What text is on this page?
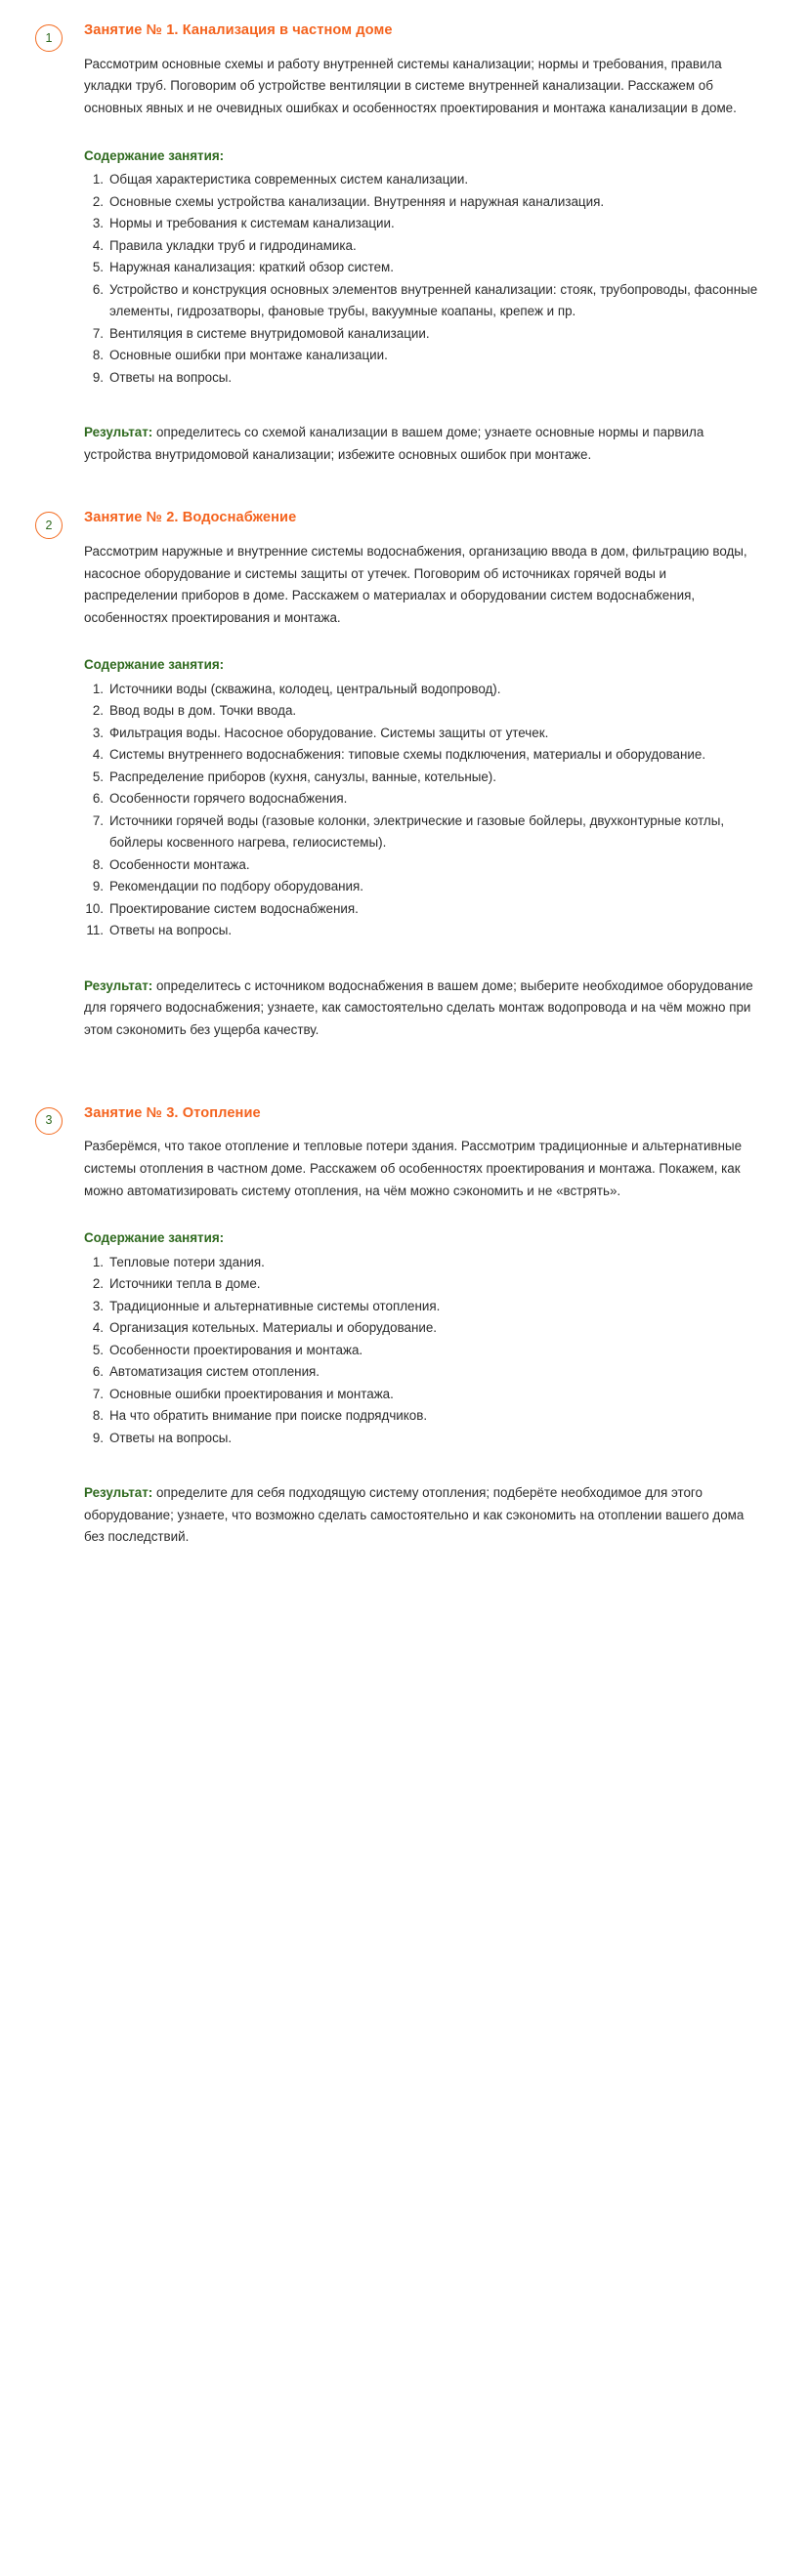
1	Занятие № 1. Канализация в частном доме

Рассмотрим основные схемы и работу внутренней системы канализации; нормы и требования, правила укладки труб. Поговорим об устройстве вентиляции в системе внутренней канализации. Расскажем об основных явных и не очевидных ошибках и особенностях проектирования и монтажа канализации в доме.

Содержание занятия:
1. Общая характеристика современных систем канализации.
2. Основные схемы устройства канализации. Внутренняя и наружная канализация.
3. Нормы и требования к системам канализации.
4. Правила укладки труб и гидродинамика.
5. Наружная канализация: краткий обзор систем.
6. Устройство и конструкция основных элементов внутренней канализации: стояк, трубопроводы, фасонные элементы, гидрозатворы, фановые трубы, вакуумные коапаны, крепеж и пр.
7. Вентиляция в системе внутридомовой канализации.
8. Основные ошибки при монтаже канализации.
9. Ответы на вопросы.

Результат: определитесь со схемой канализации в вашем доме; узнаете основные нормы и парвила устройства внутридомовой канализации; избежите основных ошибок при монтаже.

2	Занятие № 2. Водоснабжение

Рассмотрим наружные и внутренние системы водоснабжения, организацию ввода в дом, фильтрацию воды, насосное оборудование и системы защиты от утечек. Поговорим об источниках горячей воды и распределении приборов в доме. Расскажем о материалах и оборудовании систем водоснабжения, особенностях проектирования и монтажа.

Содержание занятия:
1. Источники воды (скважина, колодец, центральный водопровод).
2. Ввод воды в дом. Точки ввода.
3. Фильтрация воды. Насосное оборудование. Системы защиты от утечек.
4. Системы внутреннего водоснабжения: типовые схемы подключения, материалы и оборудование.
5. Распределение приборов (кухня, санузлы, ванные, котельные).
6. Особенности горячего водоснабжения.
7. Источники горячей воды (газовые колонки, электрические и газовые бойлеры, двухконтурные котлы, бойлеры косвенного нагрева, гелиосистемы).
8. Особенности монтажа.
9. Рекомендации по подбору оборудования.
10. Проектирование систем водоснабжения.
11. Ответы на вопросы.

Результат: определитесь с источником водоснабжения в вашем доме; выберите необходимое оборудование для горячего водоснабжения; узнаете, как самостоятельно сделать монтаж водопровода и на чём можно при этом сэкономить без ущерба качеству.

3	Занятие № 3. Отопление

Разберёмся, что такое отопление и тепловые потери здания. Рассмотрим традиционные и альтернативные системы отопления в частном доме. Расскажем об особенностях проектирования и монтажа. Покажем, как можно автоматизировать систему отопления, на чём можно сэкономить и не «встрять».

Содержание занятия:
1. Тепловые потери здания.
2. Источники тепла в доме.
3. Традиционные и альтернативные системы отопления.
4. Организация котельных. Материалы и оборудование.
5. Особенности проектирования и монтажа.
6. Автоматизация систем отопления.
7. Основные ошибки проектирования и монтажа.
8. На что обратить внимание при поиске подрядчиков.
9. Ответы на вопросы.

Результат: определите для себя подходящую систему отопления; подберёте необходимое для этого оборудование; узнаете, что возможно сделать самостоятельно и как сэкономить на отоплении вашего дома без последствий.
